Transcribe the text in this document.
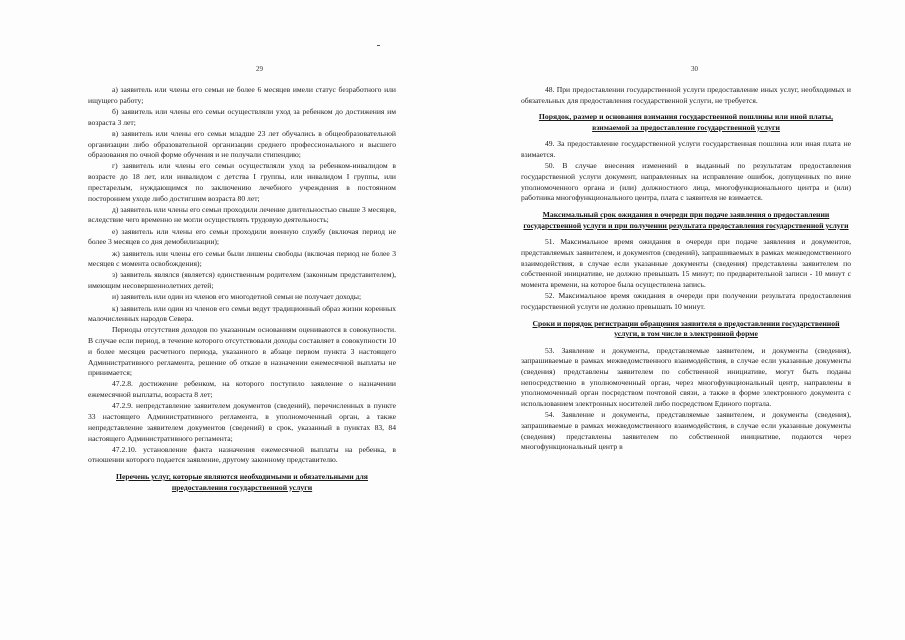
29

а) заявитель или члены его семьи не более 6 месяцев имели статус безработного или ищущего работу;

б) заявитель или члены его семьи осуществляли уход за ребенком до достижения им возраста 3 лет;

в) заявитель или члены его семьи младше 23 лет обучались в общеобразовательной организации либо образовательной организации среднего профессионального и высшего образования по очной форме обучения и не получали стипендию;

г) заявитель или члены его семьи осуществляли уход за ребенком-инвалидом в возрасте до 18 лет, или инвалидом с детства I группы, или инвалидом I группы, или престарелым, нуждающимся по заключению лечебного учреждения в постоянном постороннем уходе либо достигшим возраста 80 лет;

д) заявитель или члены его семьи проходили лечение длительностью свыше 3 месяцев, вследствие чего временно не могли осуществлять трудовую деятельность;

е) заявитель или члены его семьи проходили военную службу (включая период не более 3 месяцев со дня демобилизации);

ж) заявитель или члены его семьи были лишены свободы (включая период не более 3 месяцев с момента освобождения);

з) заявитель являлся (является) единственным родителем (законным представителем), имеющим несовершеннолетних детей;

и) заявитель или один из членов его многодетной семьи не получает доходы;

к) заявитель или один из членов его семьи ведут традиционный образ жизни коренных малочисленных народов Севера.

Периоды отсутствия доходов по указанным основаниям оцениваются в совокупности. В случае если период, в течение которого отсутствовали доходы составляет в совокупности 10 и более месяцев расчетного периода, указанного в абзаце первом пункта 3 настоящего Административного регламента, решение об отказе в назначении ежемесячной выплаты не принимается;

47.2.8. достижение ребенком, на которого поступило заявление о назначении ежемесячной выплаты, возраста 8 лет;

47.2.9. непредставление заявителем документов (сведений), перечисленных в пункте 33 настоящего Административного регламента, в уполномоченный орган, а также непредставление заявителем документов (сведений) в срок, указанный в пунктах 83, 84 настоящего Административного регламента;

47.2.10. установление факта назначения ежемесячной выплаты на ребенка, в отношении которого подается заявление, другому законному представителю.

Перечень услуг, которые являются необходимыми и обязательными для предоставления государственной услуги
30

48. При предоставлении государственной услуги предоставление иных услуг, необходимых и обязательных для предоставления государственной услуги, не требуется.

Порядок, размер и основания взимания государственной пошлины или иной платы, взимаемой за предоставление государственной услуги

49. За предоставление государственной услуги государственная пошлина или иная плата не взимается.

50. В случае внесения изменений в выданный по результатам предоставления государственной услуги документ, направленных на исправление ошибок, допущенных по вине уполномоченного органа и (или) должностного лица, многофункционального центра и (или) работника многофункционального центра, плата с заявителя не взимается.

Максимальный срок ожидания в очереди при подаче заявления о предоставлении государственной услуги и при получении результата предоставления государственной услуги

51. Максимальное время ожидания в очереди при подаче заявления и документов, представляемых заявителем, и документов (сведений), запрашиваемых в рамках межведомственного взаимодействия, в случае если указанные документы (сведения) представлены заявителем по собственной инициативе, не должно превышать 15 минут; по предварительной записи - 10 минут с момента времени, на которое была осуществлена запись.

52. Максимальное время ожидания в очереди при получении результата предоставления государственной услуги не должно превышать 10 минут.

Сроки и порядок регистрации обращения заявителя о предоставлении государственной услуги, в том числе в электронной форме

53. Заявление и документы, представляемые заявителем, и документы (сведения), запрашиваемые в рамках межведомственного взаимодействия, в случае если указанные документы (сведения) представлены заявителем по собственной инициативе, могут быть поданы непосредственно в уполномоченный орган, через многофункциональный центр, направлены в уполномоченный орган посредством почтовой связи, а также в форме электронного документа с использованием электронных носителей либо посредством Единого портала.

54. Заявление и документы, представляемые заявителем, и документы (сведения), запрашиваемые в рамках межведомственного взаимодействия, в случае если указанные документы (сведения) представлены заявителем по собственной инициативе, подаются через многофункциональный центр в
